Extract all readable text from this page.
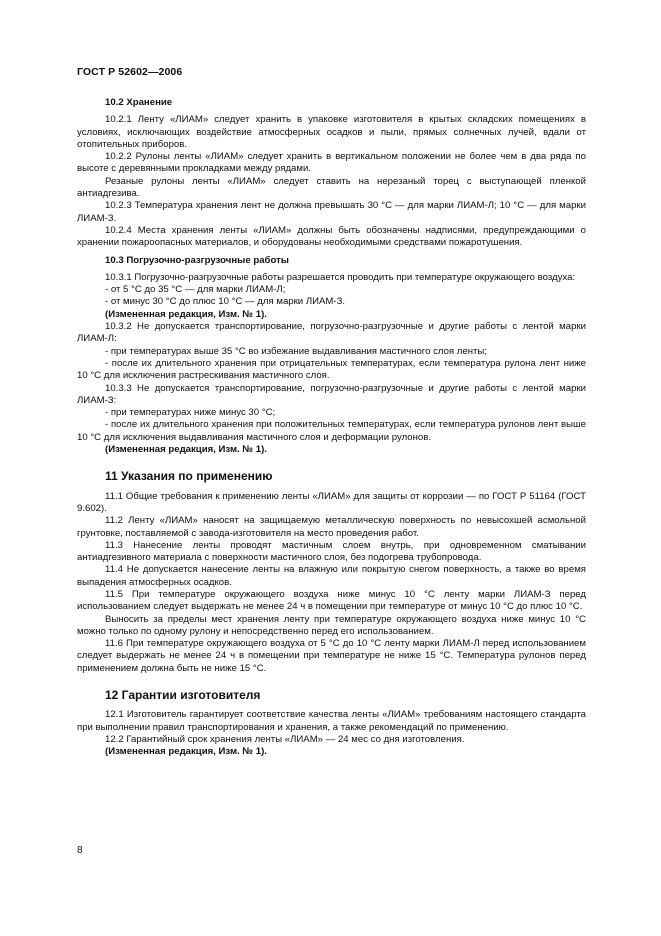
ГОСТ Р 52602—2006

10.2 Хранение

10.2.1 Ленту «ЛИАМ» следует хранить в упаковке изготовителя в крытых складских помещениях в условиях, исключающих воздействие атмосферных осадков и пыли, прямых солнечных лучей, вдали от отопительных приборов.

10.2.2 Рулоны ленты «ЛИАМ» следует хранить в вертикальном положении не более чем в два ряда по высоте с деревянными прокладками между рядами.

Резаные рулоны ленты «ЛИАМ» следует ставить на нерезаный торец с выступающей пленкой антиадгезива.

10.2.3 Температура хранения лент не должна превышать 30 °С — для марки ЛИАМ-Л; 10 °С — для марки ЛИАМ-З.

10.2.4 Места хранения ленты «ЛИАМ» должны быть обозначены надписями, предупреждающими о хранении пожароопасных материалов, и оборудованы необходимыми средствами пожаротушения.

10.3 Погрузочно-разгрузочные работы

10.3.1 Погрузочно-разгрузочные работы разрешается проводить при температуре окружающего воздуха:

- от 5 °С до 35 °С — для марки ЛИАМ-Л;

- от минус 30 °С до плюс 10 °С — для марки ЛИАМ-З.

(Измененная редакция, Изм. № 1).

10.3.2 Не допускается транспортирование, погрузочно-разгрузочные и другие работы с лентой марки ЛИАМ-Л:

- при температурах выше 35 °С во избежание выдавливания мастичного слоя ленты;

- после их длительного хранения при отрицательных температурах, если температура рулона лент ниже 10 °С для исключения растрескивания мастичного слоя.

10.3.3 Не допускается транспортирование, погрузочно-разгрузочные и другие работы с лентой марки ЛИАМ-З:

- при температурах ниже минус 30 °С;

- после их длительного хранения при положительных температурах, если температура рулонов лент выше 10 °С для исключения выдавливания мастичного слоя и деформации рулонов.

(Измененная редакция, Изм. № 1).

11 Указания по применению

11.1 Общие требования к применению ленты «ЛИАМ» для защиты от коррозии — по ГОСТ Р 51164 (ГОСТ 9.602).

11.2 Ленту «ЛИАМ» наносят на защищаемую металлическую поверхность по невысохшей асмольной грунтовке, поставляемой с завода-изготовителя на место проведения работ.

11.3 Нанесение ленты проводят мастичным слоем внутрь, при одновременном сматывании антиадгезивного материала с поверхности мастичного слоя, без подогрева трубопровода.

11.4 Не допускается нанесение ленты на влажную или покрытую снегом поверхность, а также во время выпадения атмосферных осадков.

11.5 При температуре окружающего воздуха ниже минус 10 °С ленту марки ЛИАМ-З перед использованием следует выдержать не менее 24 ч в помещении при температуре от минус 10 °С до плюс 10 °С.

Выносить за пределы мест хранения ленту при температуре окружающего воздуха ниже минус 10 °С можно только по одному рулону и непосредственно перед его использованием.

11.6 При температуре окружающего воздуха от 5 °С до 10 °С ленту марки ЛИАМ-Л перед использованием следует выдержать не менее 24 ч в помещении при температуре не ниже 15 °С. Температура рулонов перед применением должна быть не ниже 15 °С.

12 Гарантии изготовителя

12.1 Изготовитель гарантирует соответствие качества ленты «ЛИАМ» требованиям настоящего стандарта при выполнении правил транспортирования и хранения, а также рекомендаций по применению.

12.2 Гарантийный срок хранения ленты «ЛИАМ» — 24 мес со дня изготовления.

(Измененная редакция, Изм. № 1).

8
